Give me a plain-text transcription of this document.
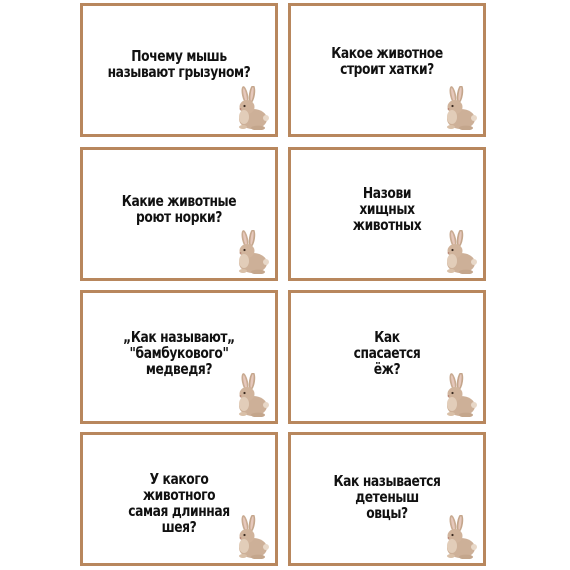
Почему мышь
называют грызуном?
Какое животное
строит хатки?
Какие животные
роют норки?
Назови
хищных
животных
„Как называют„
"бамбукового"
медведя?
Как
спасается
ёж?
У какого
животного
самая длинная
шея?
Как называется
детеныш
овцы?
